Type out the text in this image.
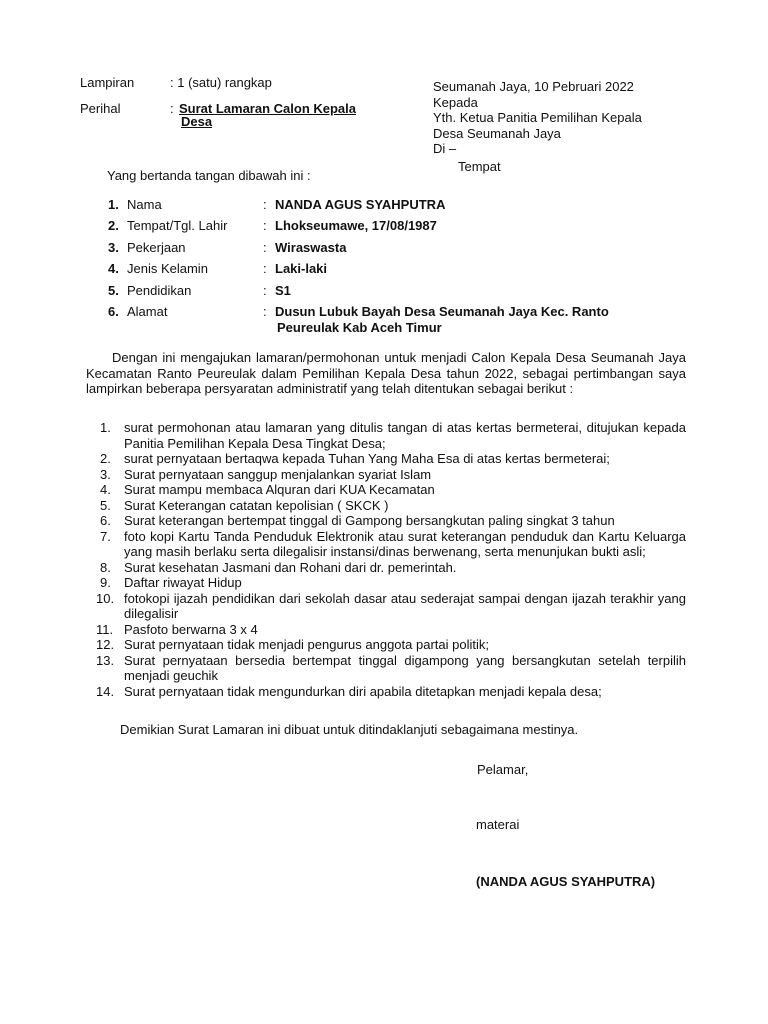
Lampiran	: 1 (satu) rangkap
Perihal	: Surat Lamaran Calon Kepala
Desa
Seumanah Jaya, 10 Pebruari 2022
Kepada
Yth. Ketua Panitia Pemilihan Kepala
Desa Seumanah Jaya
Di –
Tempat
Yang bertanda tangan dibawah ini :
1. Nama	: NANDA AGUS SYAHPUTRA
2. Tempat/Tgl. Lahir	: Lhokseumawe, 17/08/1987
3. Pekerjaan	: Wiraswasta
4. Jenis Kelamin	: Laki-laki
5. Pendidikan	: S1
6. Alamat	: Dusun Lubuk Bayah Desa Seumanah Jaya Kec. Ranto
Peureulak Kab Aceh Timur
Dengan ini mengajukan lamaran/permohonan untuk menjadi Calon Kepala Desa Seumanah Jaya Kecamatan Ranto Peureulak dalam Pemilihan Kepala Desa tahun 2022, sebagai pertimbangan saya lampirkan beberapa persyaratan administratif yang telah ditentukan sebagai berikut :
1.	surat permohonan atau lamaran yang ditulis tangan di atas kertas bermeterai, ditujukan kepada Panitia Pemilihan Kepala Desa Tingkat Desa;
2.	surat pernyataan bertaqwa kepada Tuhan Yang Maha Esa di atas kertas bermeterai;
3.	Surat pernyataan sanggup menjalankan syariat Islam
4.	Surat mampu membaca Alquran dari KUA Kecamatan
5.	Surat Keterangan catatan kepolisian ( SKCK )
6.	Surat keterangan bertempat tinggal di Gampong bersangkutan paling singkat 3 tahun
7.	foto kopi Kartu Tanda Penduduk Elektronik atau surat keterangan penduduk dan Kartu Keluarga yang masih berlaku serta dilegalisir instansi/dinas berwenang, serta menunjukan bukti asli;
8.	Surat kesehatan Jasmani dan Rohani dari dr. pemerintah.
9.	Daftar riwayat Hidup
10. fotokopi ijazah pendidikan dari sekolah dasar atau sederajat sampai dengan ijazah terakhir yang dilegalisir
11. Pasfoto berwarna 3 x 4
12. Surat pernyataan tidak menjadi pengurus anggota partai politik;
13. Surat pernyataan bersedia bertempat tinggal digampong yang bersangkutan setelah terpilih menjadi geuchik
14. Surat pernyataan tidak mengundurkan diri apabila ditetapkan menjadi kepala desa;
Demikian Surat Lamaran ini dibuat untuk ditindaklanjuti sebagaimana mestinya.
Pelamar,
materai
(NANDA AGUS SYAHPUTRA)
